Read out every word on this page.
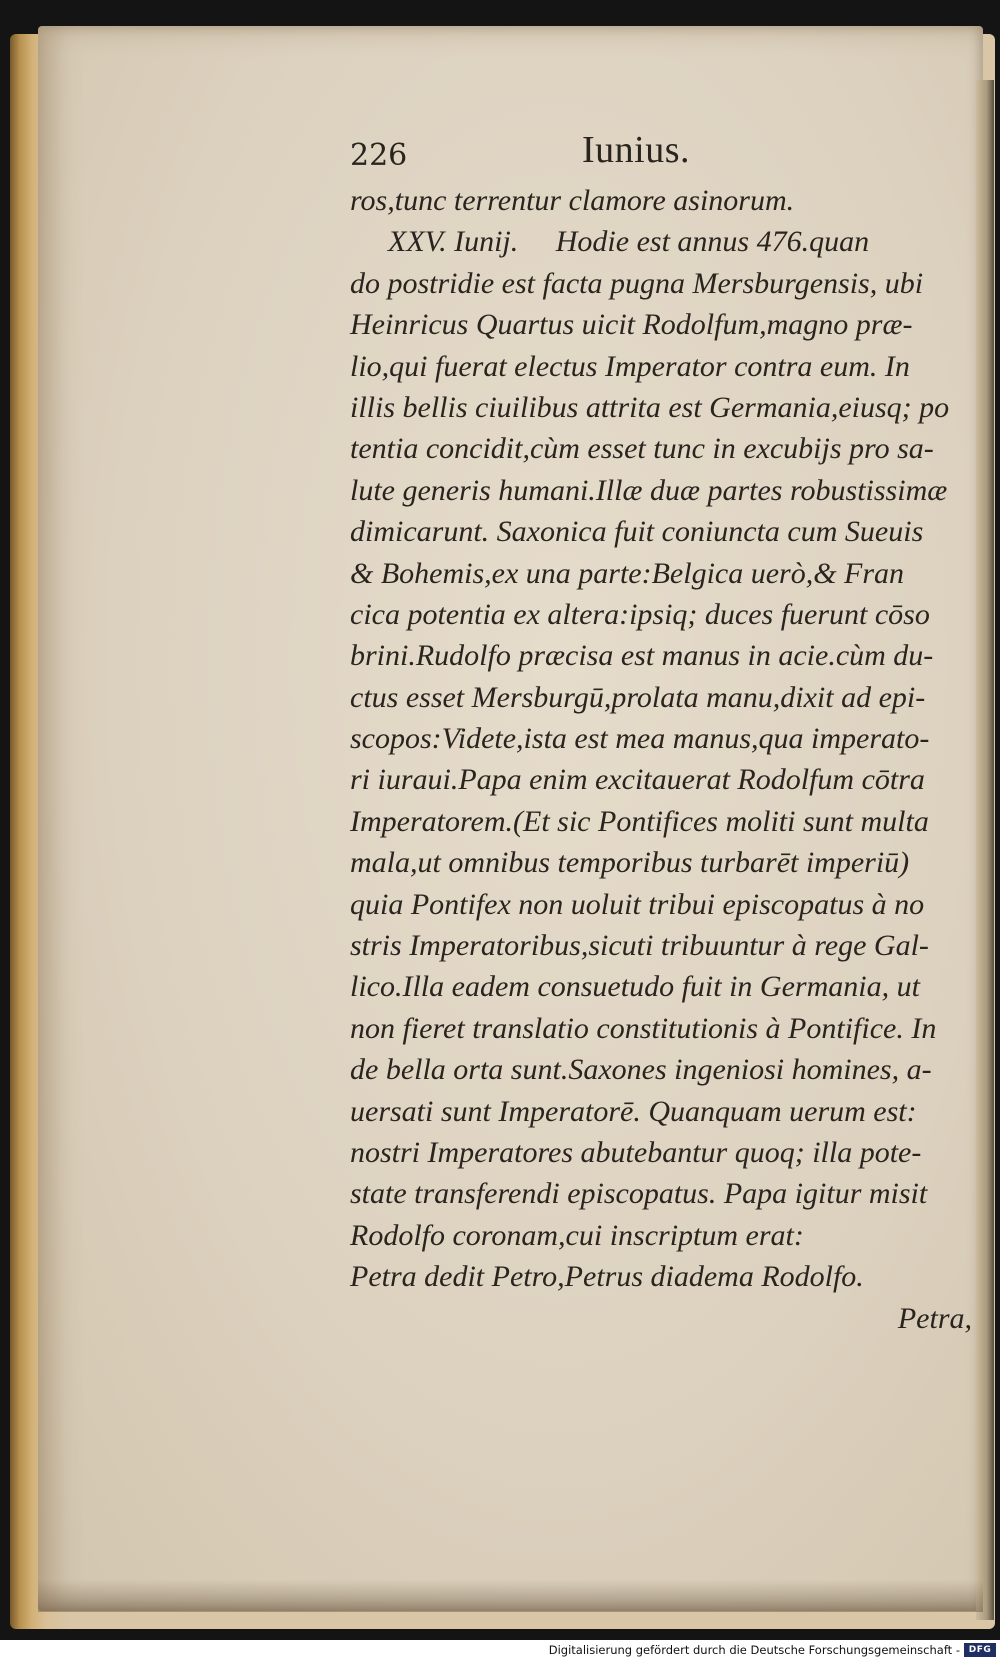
226	Iunius.
ros,tunc terrentur clamore asinorum.
XXV. Iunij.     Hodie est annus 476.quan
do postridie est facta pugna Mersburgensis, ubi
Heinricus Quartus uicit Rodolfum,magno præ-
lio,qui fuerat electus Imperator contra eum. In
illis bellis ciuilibus attrita est Germania,eiusq; po
tentia concidit,cùm esset tunc in excubijs pro sa-
lute generis humani.Illæ duæ partes robustissimæ
dimicarunt. Saxonica fuit coniuncta cum Sueuis
& Bohemis,ex una parte:Belgica uerò,& Fran
cica potentia ex altera:ipsiq; duces fuerunt cōso
brini.Rudolfo præcisa est manus in acie.cùm du-
ctus esset Mersburgū,prolata manu,dixit ad epi-
scopos:Videte,ista est mea manus,qua imperato-
ri iuraui.Papa enim excitauerat Rodolfum cōtra
Imperatorem.(Et sic Pontifices moliti sunt multa
mala,ut omnibus temporibus turbarēt imperiū)
quia Pontifex non uoluit tribui episcopatus à no
stris Imperatoribus,sicuti tribuuntur à rege Gal-
lico.Illa eadem consuetudo fuit in Germania, ut
non fieret translatio constitutionis à Pontifice. In
de bella orta sunt.Saxones ingeniosi homines, a-
uersati sunt Imperatorē. Quanquam uerum est:
nostri Imperatores abutebantur quoq; illa pote-
state transferendi episcopatus. Papa igitur misit
Rodolfo coronam,cui inscriptum erat:
Petra dedit Petro,Petrus diadema Rodolfo.
Petra,
Digitalisierung gefördert durch die Deutsche Forschungsgemeinschaft - DFG
